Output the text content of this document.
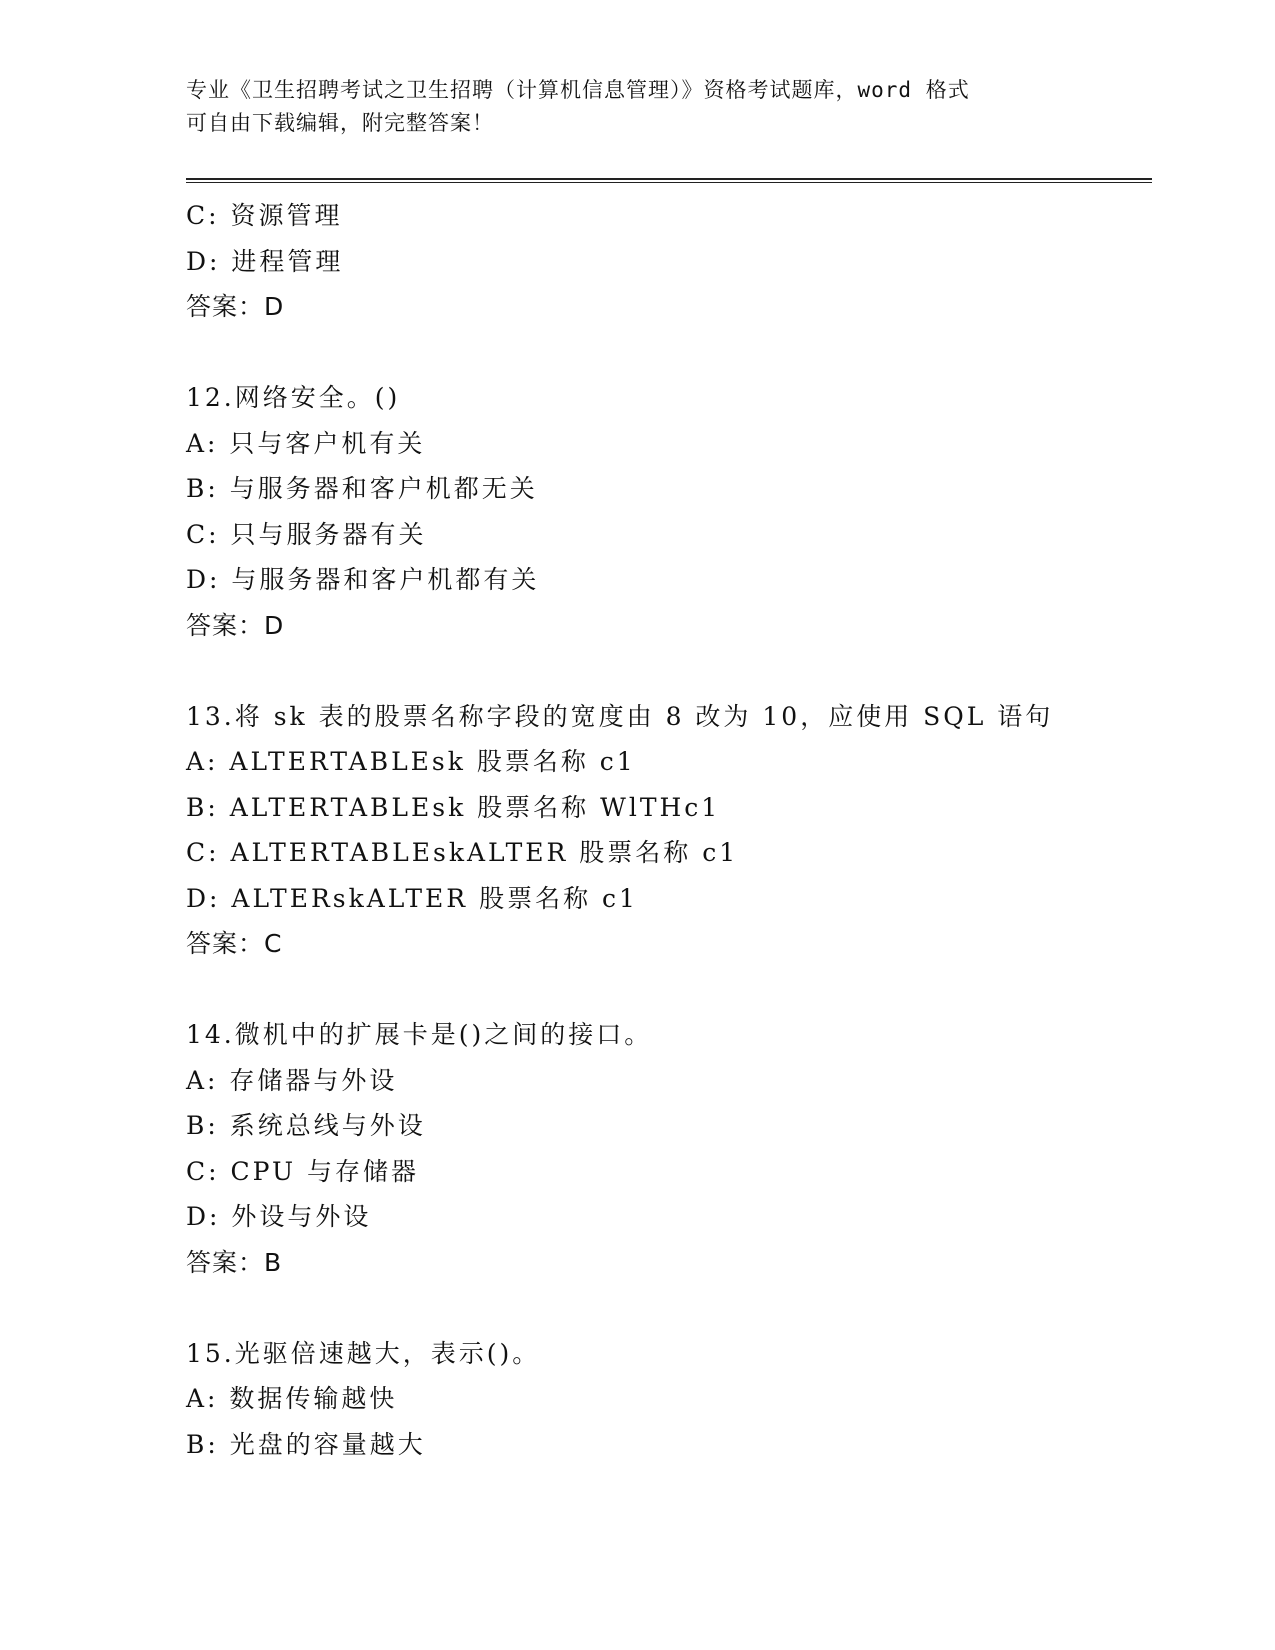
专业《卫生招聘考试之卫生招聘（计算机信息管理）》资格考试题库，word 格式
可自由下载编辑，附完整答案！
C: 资源管理
D: 进程管理
答案：D
12.网络安全。()
A: 只与客户机有关
B: 与服务器和客户机都无关
C: 只与服务器有关
D: 与服务器和客户机都有关
答案：D
13.将 sk 表的股票名称字段的宽度由 8 改为 10，应使用 SQL 语句
A: ALTERTABLEsk 股票名称 c1
B: ALTERTABLEsk 股票名称 WlTHc1
C: ALTERTABLEskALTER 股票名称 c1
D: ALTERskALTER 股票名称 c1
答案：C
14.微机中的扩展卡是()之间的接口。
A: 存储器与外设
B: 系统总线与外设
C: CPU 与存储器
D: 外设与外设
答案：B
15.光驱倍速越大，表示()。
A: 数据传输越快
B: 光盘的容量越大
